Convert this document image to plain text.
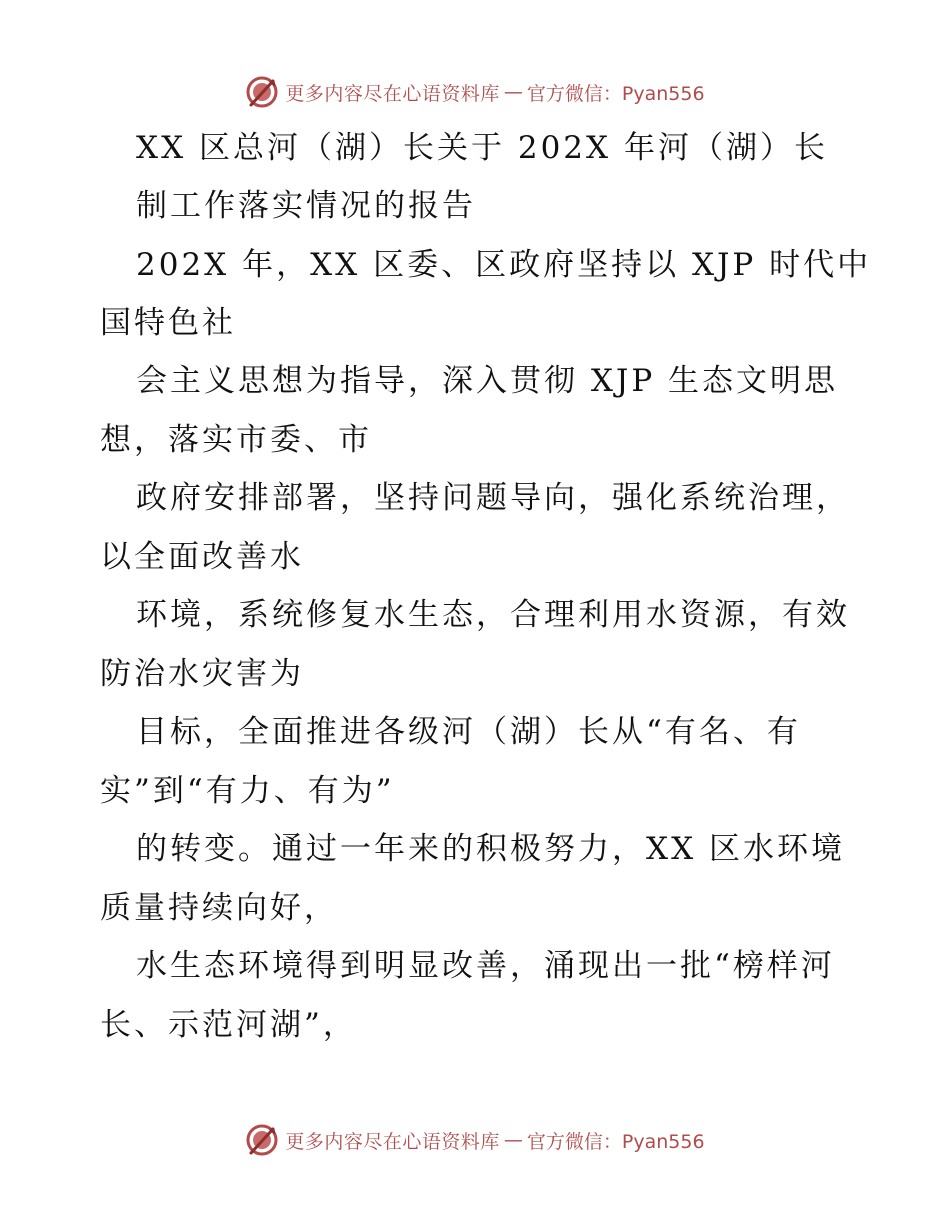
更多内容尽在心语资料库 — 官方微信：Pyan556
XX 区总河（湖）长关于 202X 年河（湖）长
制工作落实情况的报告
202X 年，XX 区委、区政府坚持以 XJP 时代中
国特色社
会主义思想为指导，深入贯彻 XJP 生态文明思
想，落实市委、市
政府安排部署，坚持问题导向，强化系统治理，
以全面改善水
环境，系统修复水生态，合理利用水资源，有效
防治水灾害为
目标，全面推进各级河（湖）长从“有名、有
实”到“有力、有为”
的转变。通过一年来的积极努力，XX 区水环境
质量持续向好，
水生态环境得到明显改善，涌现出一批“榜样河
长、示范河湖”，
更多内容尽在心语资料库 — 官方微信：Pyan556
